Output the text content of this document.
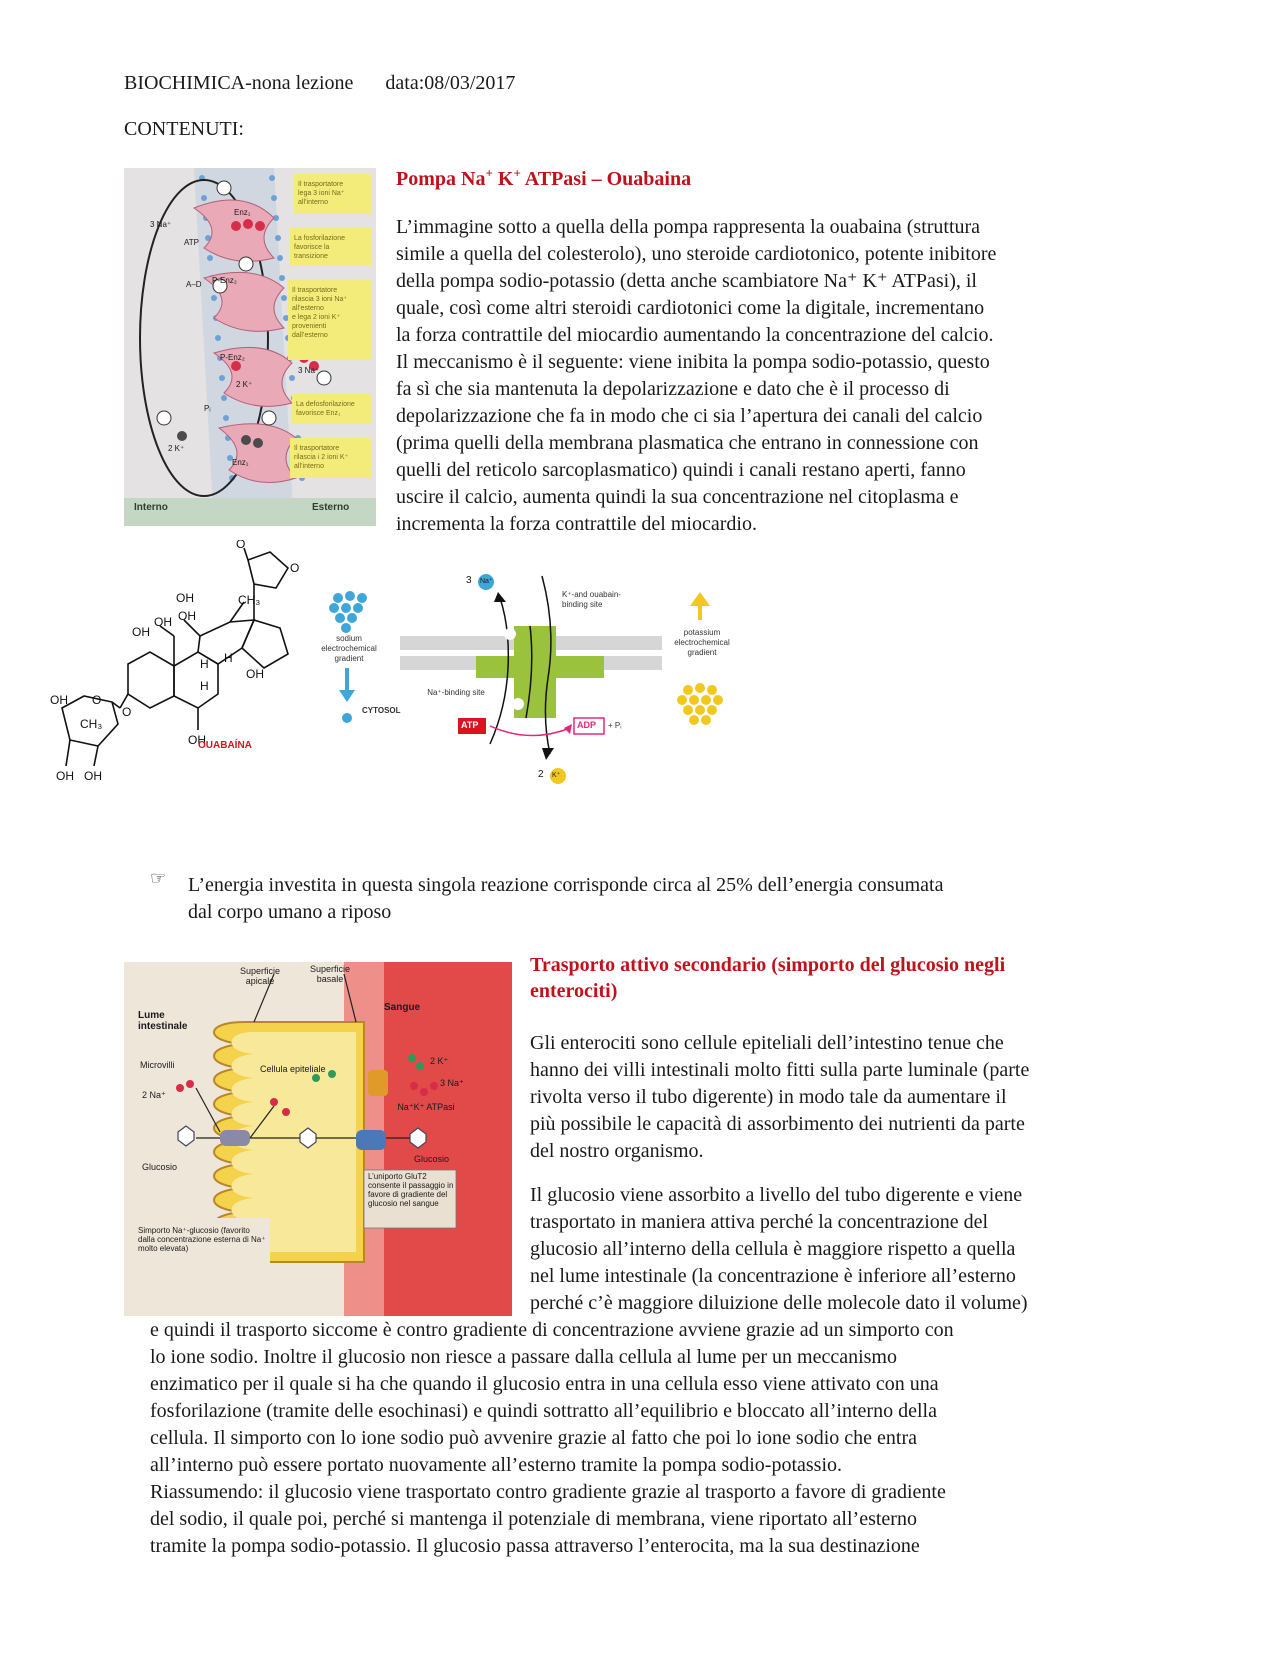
BIOCHIMICA-nona lezione data:08/03/2017
CONTENUTI:
Il trasportatore
lega 3 ioni Na⁺
all’interno
La fosforilazione
favorisce la
transizione
Il trasportatore
rilascia 3 ioni Na⁺
all’esterno
e lega 2 ioni K⁺
provenienti
dall’esterno
La defosforilazione
favorisce Enz₁
Il trasportatore
rilascia i 2 ioni K⁺
all’interno
Interno	Esterno
3 Na⁺
2 K⁺
ATP
A–D
Enz₁
P-Enz₂
P-Enz₂
Enz₁
Pᵢ
3 Na⁺
2 K⁺
Pompa Na+ K+ ATPasi – Ouabaina
L’immagine sotto a quella della pompa rappresenta la ouabaina (struttura
simile a quella del colesterolo), uno steroide cardiotonico, potente inibitore
della pompa sodio-potassio (detta anche scambiatore Na⁺ K⁺ ATPasi), il
quale, così come altri steroidi cardiotonici come la digitale, incrementano
la forza contrattile del miocardio aumentando la concentrazione del calcio.
Il meccanismo è il seguente: viene inibita la pompa sodio-potassio, questo
fa sì che sia mantenuta la depolarizzazione e dato che è il processo di
depolarizzazione che fa in modo che ci sia l’apertura dei canali del calcio
(prima quelli della membrana plasmatica che entrano in connessione con
quelli del reticolo sarcoplasmatico) quindi i canali restano aperti, fanno
uscire il calcio, aumenta quindi la sua concentrazione nel citoplasma e
incrementa la forza contrattile del miocardio.
O
O
OH
OH
OH
OH	CH₃
H
H
OH
OH
O
CH₃
OH
OH OH
O
H
OUABAÍNA
sodium electrochemical gradient
3 Na⁺
2 K⁺
K⁺-and ouabain-binding site
Na⁺-binding site
CYTOSOL
ATP	ADP + Pᵢ
potassium electrochemical gradient
☞ L’energia investita in questa singola reazione corrisponde circa al 25% dell’energia consumata
dal corpo umano a riposo
Superficie apicale
Superficie basale
Lume intestinale
Sangue
Microvilli	Cellula epiteliale
2 Na⁺
2 K⁺
3 Na⁺
Na⁺K⁺ ATPasi
Glucosio
Glucosio
L’uniporto GluT2 consente il passaggio in favore di gradiente del glucosio nel sangue
Simporto Na⁺-glucosio (favorito dalla concentrazione esterna di Na⁺ molto elevata)
Trasporto attivo secondario (simporto del glucosio negli
enterociti)
Gli enterociti sono cellule epiteliali dell’intestino tenue che
hanno dei villi intestinali molto fitti sulla parte luminale (parte
rivolta verso il tubo digerente) in modo tale da aumentare il
più possibile le capacità di assorbimento dei nutrienti da parte
del nostro organismo.
Il glucosio viene assorbito a livello del tubo digerente e viene
trasportato in maniera attiva perché la concentrazione del
glucosio all’interno della cellula è maggiore rispetto a quella
nel lume intestinale (la concentrazione è inferiore all’esterno
perché c’è maggiore diluizione delle molecole dato il volume)
e quindi il trasporto siccome è contro gradiente di concentrazione avviene grazie ad un simporto con
lo ione sodio. Inoltre il glucosio non riesce a passare dalla cellula al lume per un meccanismo
enzimatico per il quale si ha che quando il glucosio entra in una cellula esso viene attivato con una
fosforilazione (tramite delle esochinasi) e quindi sottratto all’equilibrio e bloccato all’interno della
cellula. Il simporto con lo ione sodio può avvenire grazie al fatto che poi lo ione sodio che entra
all’interno può essere portato nuovamente all’esterno tramite la pompa sodio-potassio.
Riassumendo: il glucosio viene trasportato contro gradiente grazie al trasporto a favore di gradiente
del sodio, il quale poi, perché si mantenga il potenziale di membrana, viene riportato all’esterno
tramite la pompa sodio-potassio. Il glucosio passa attraverso l’enterocita, ma la sua destinazione
